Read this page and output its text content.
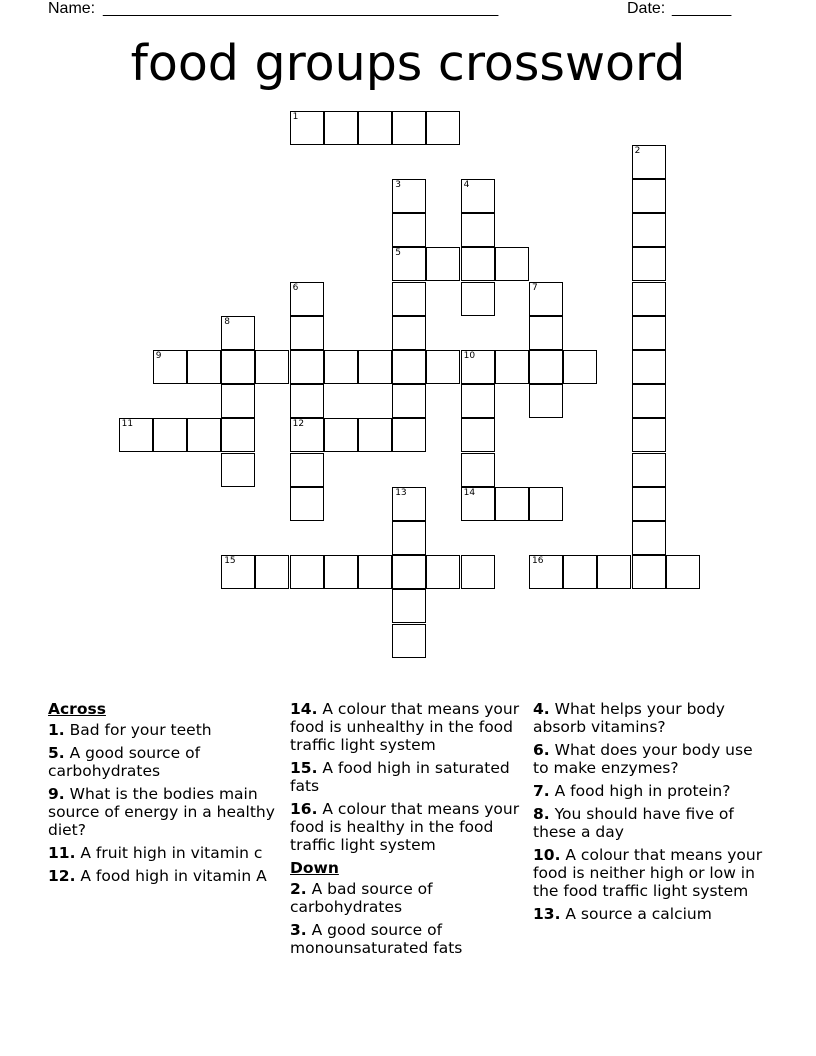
Name: _______________________________________________	Date: _______
food groups crossword
1
2
3
5
4
6
12
7
8
9	10
14
11
13
15	16
Across
1. Bad for your teeth
5. A good source of carbohydrates
9. What is the bodies main source of energy in a healthy diet?
11. A fruit high in vitamin c
12. A food high in vitamin A
14. A colour that means your food is unhealthy in the food traffic light system
15. A food high in saturated fats
16. A colour that means your food is healthy in the food traffic light system
Down
2. A bad source of carbohydrates
3. A good source of monounsaturated fats
4. What helps your body absorb vitamins?
6. What does your body use to make enzymes?
7. A food high in protein?
8. You should have five of these a day
10. A colour that means your food is neither high or low in the food traffic light system
13. A source a calcium
